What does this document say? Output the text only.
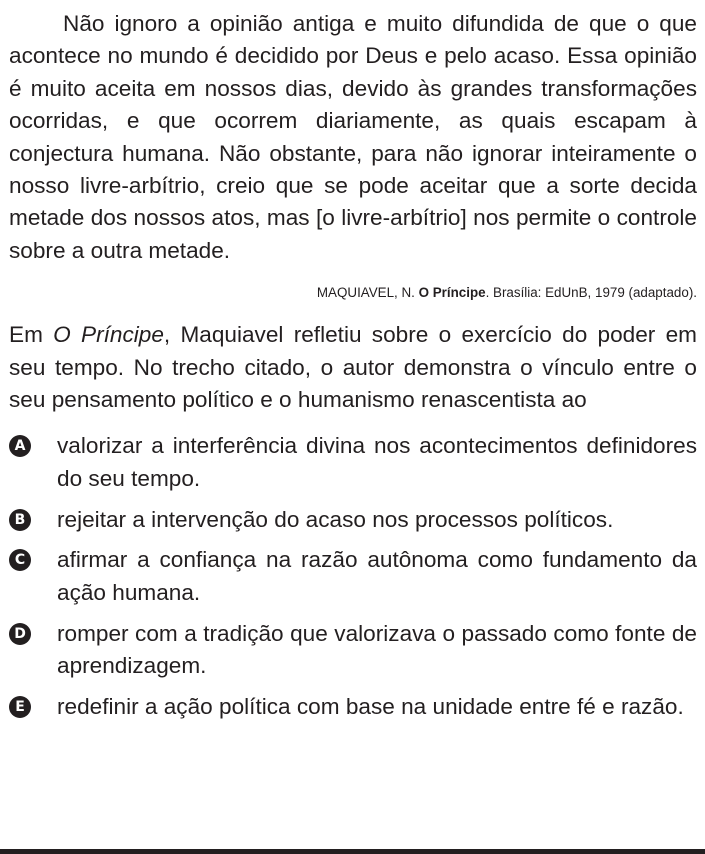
Não ignoro a opinião antiga e muito difundida de que o que acontece no mundo é decidido por Deus e pelo acaso. Essa opinião é muito aceita em nossos dias, devido às grandes transformações ocorridas, e que ocorrem diariamente, as quais escapam à conjectura humana. Não obstante, para não ignorar inteiramente o nosso livre-arbítrio, creio que se pode aceitar que a sorte decida metade dos nossos atos, mas [o livre-arbítrio] nos permite o controle sobre a outra metade.

MAQUIAVEL, N. O Príncipe. Brasília: EdUnB, 1979 (adaptado).

Em O Príncipe, Maquiavel refletiu sobre o exercício do poder em seu tempo. No trecho citado, o autor demonstra o vínculo entre o seu pensamento político e o humanismo renascentista ao

A valorizar a interferência divina nos acontecimentos definidores do seu tempo.
B rejeitar a intervenção do acaso nos processos políticos.
C afirmar a confiança na razão autônoma como fundamento da ação humana.
D romper com a tradição que valorizava o passado como fonte de aprendizagem.
E redefinir a ação política com base na unidade entre fé e razão.
